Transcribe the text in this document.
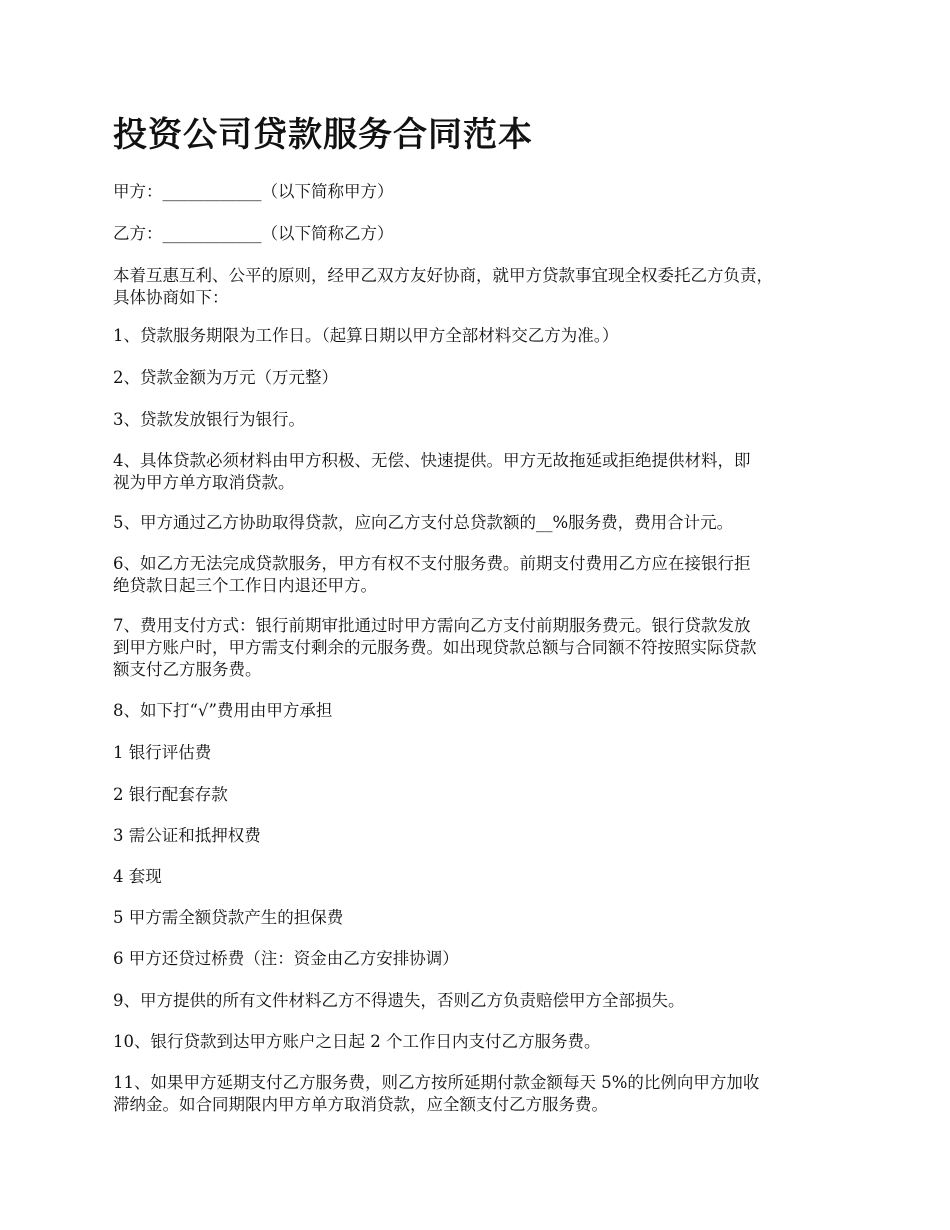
投资公司贷款服务合同范本

甲方：____________（以下简称甲方）

乙方：____________（以下简称乙方）

本着互惠互利、公平的原则，经甲乙双方友好协商，就甲方贷款事宜现全权委托乙方负责，
具体协商如下：

1、贷款服务期限为工作日。（起算日期以甲方全部材料交乙方为准。）

2、贷款金额为万元（万元整）

3、贷款发放银行为银行。

4、具体贷款必须材料由甲方积极、无偿、快速提供。甲方无故拖延或拒绝提供材料，即
视为甲方单方取消贷款。

5、甲方通过乙方协助取得贷款，应向乙方支付总贷款额的__%服务费，费用合计元。

6、如乙方无法完成贷款服务，甲方有权不支付服务费。前期支付费用乙方应在接银行拒
绝贷款日起三个工作日内退还甲方。

7、费用支付方式：银行前期审批通过时甲方需向乙方支付前期服务费元。银行贷款发放
到甲方账户时，甲方需支付剩余的元服务费。如出现贷款总额与合同额不符按照实际贷款
额支付乙方服务费。

8、如下打“√”费用由甲方承担

1 银行评估费

2 银行配套存款

3 需公证和抵押权费

4 套现

5 甲方需全额贷款产生的担保费

6 甲方还贷过桥费（注：资金由乙方安排协调）

9、甲方提供的所有文件材料乙方不得遗失，否则乙方负责赔偿甲方全部损失。

10、银行贷款到达甲方账户之日起 2 个工作日内支付乙方服务费。

11、如果甲方延期支付乙方服务费，则乙方按所延期付款金额每天 5%的比例向甲方加收
滞纳金。如合同期限内甲方单方取消贷款，应全额支付乙方服务费。
